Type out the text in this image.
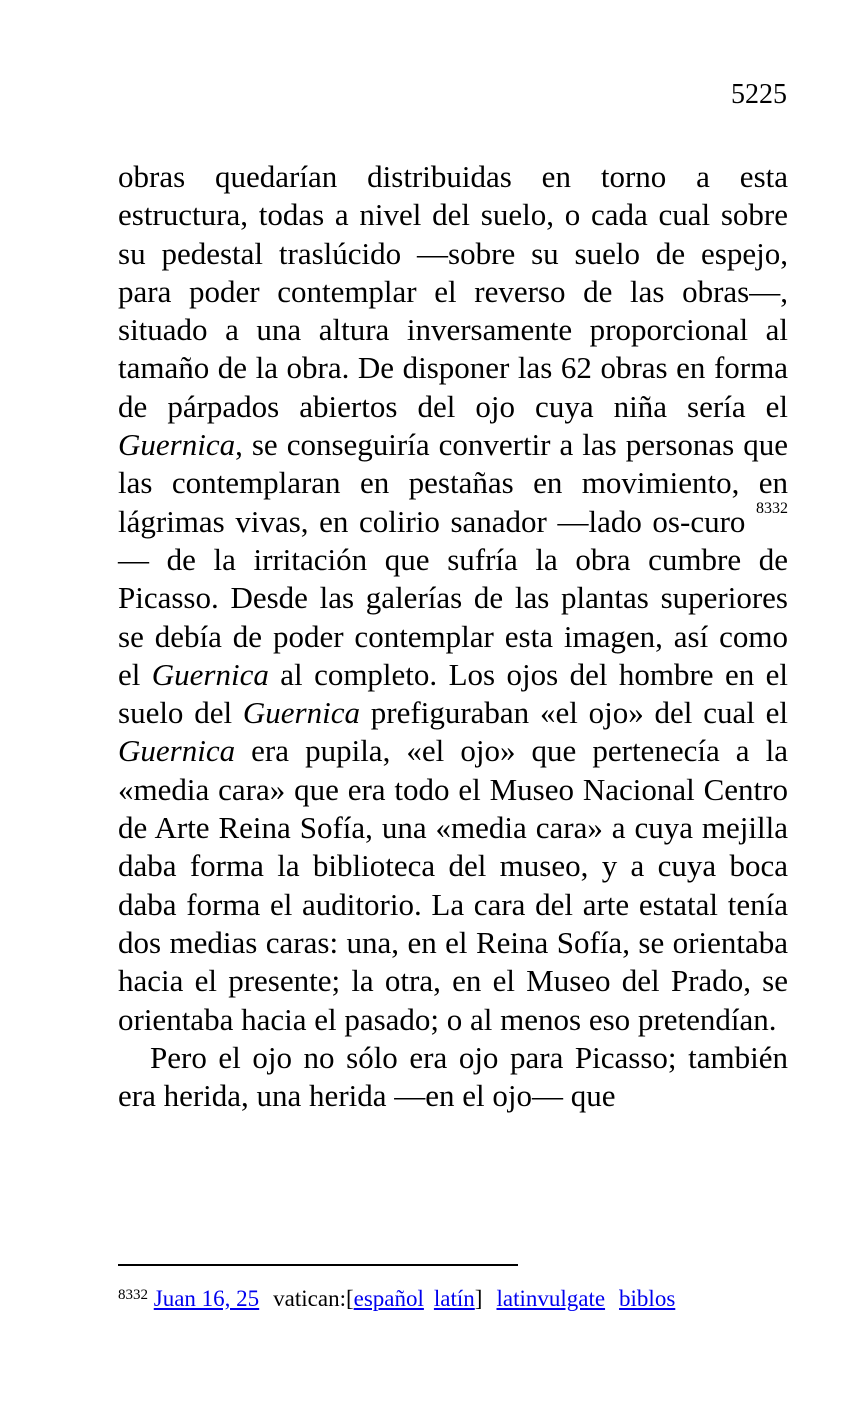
5225

obras quedarían distribuidas en torno a esta estructura, todas a nivel del suelo, o cada cual sobre su pedestal traslúcido —sobre su suelo de espejo, para poder contemplar el reverso de las obras—, situado a una altura inversamente proporcional al tamaño de la obra. De disponer las 62 obras en forma de párpados abiertos del ojo cuya niña sería el Guernica, se conseguiría convertir a las personas que las contemplaran en pestañas en movimiento, en lágrimas vivas, en colirio sanador —lado os-curo $^{8332}$ — de la irritación que sufría la obra cumbre de Picasso. Desde las galerías de las plantas superiores se debía de poder contemplar esta imagen, así como el Guernica al completo. Los ojos del hombre en el suelo del Guernica prefiguraban «el ojo» del cual el Guernica era pupila, «el ojo» que pertenecía a la «media cara» que era todo el Museo Nacional Centro de Arte Reina Sofía, una «media cara» a cuya mejilla daba forma la biblioteca del museo, y a cuya boca daba forma el auditorio. La cara del arte estatal tenía dos medias caras: una, en el Reina Sofía, se orientaba hacia el presente; la otra, en el Museo del Prado, se orientaba hacia el pasado; o al menos eso pretendían.

Pero el ojo no sólo era ojo para Picasso; también era herida, una herida —en el ojo— que

$^{8332}$ Juan 16, 25 vatican:[español latín] latinvulgate biblos
